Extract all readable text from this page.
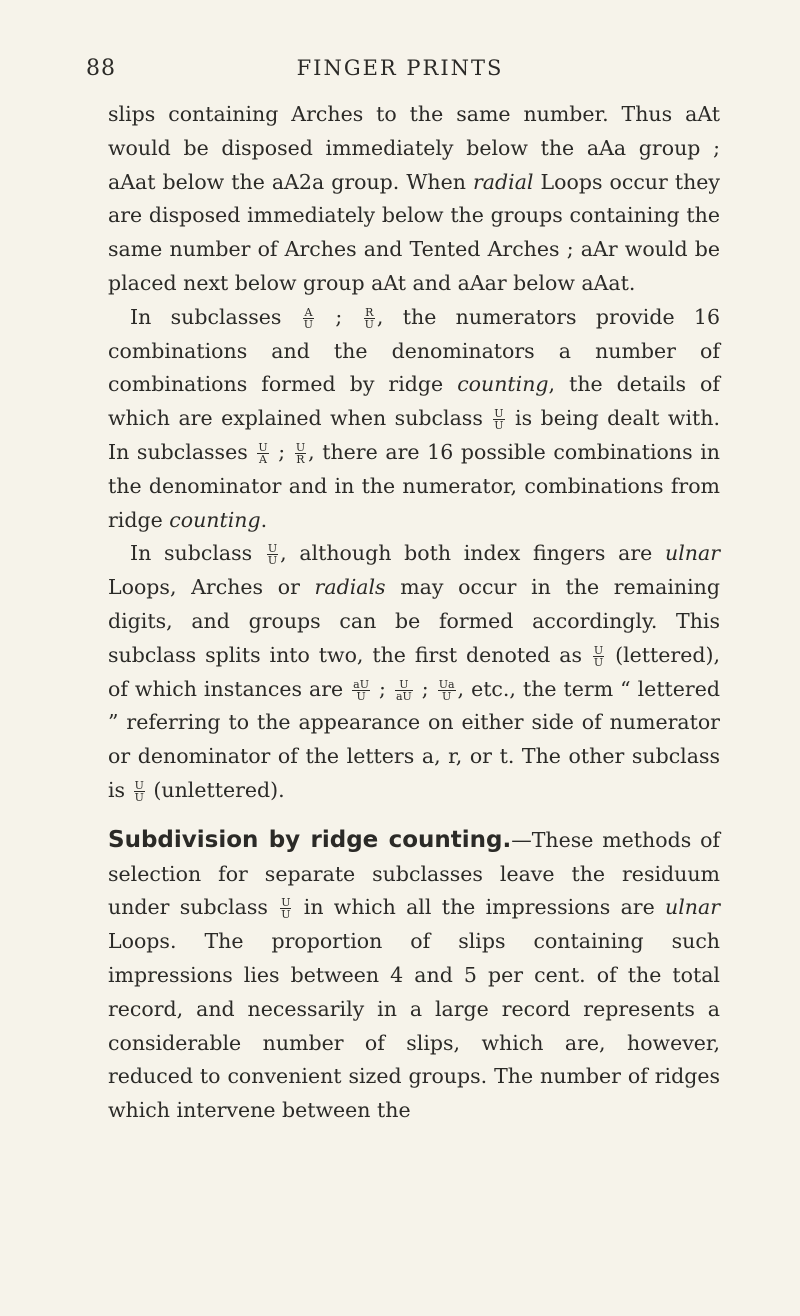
88	FINGER PRINTS

slips containing Arches to the same number. Thus aAt would be disposed immediately below the aAa group ; aAat below the aA2a group. When radial Loops occur they are disposed immediately below the groups containing the same number of Arches and Tented Arches ; aAr would be placed next below group aAt and aAar below aAat.

In subclasses $\frac{A}{U}$ ; $\frac{R}{U}$ , the numerators provide 16 combinations and the denominators a number of combinations formed by ridge counting, the details of which are explained when subclass $\frac{U}{U}$ is being dealt with. In subclasses $\frac{U}{A}$ ; $\frac{U}{R}$ , there are 16 possible combinations in the denominator and in the numerator, combinations from ridge counting.

In subclass $\frac{U}{U}$ , although both index fingers are ulnar Loops, Arches or radials may occur in the remaining digits, and groups can be formed accordingly. This subclass splits into two, the first denoted as $\frac{U}{U}$ (lettered), of which instances are $\frac{aU}{U}$ ; $\frac{U}{aU}$ ; $\frac{Ua}{U}$ , etc., the term “ lettered ” referring to the appearance on either side of numerator or denominator of the letters a, r, or t. The other subclass is $\frac{U}{U}$ (unlettered).

Subdivision by ridge counting.—These methods of selection for separate subclasses leave the residuum under subclass $\frac{U}{U}$ in which all the impressions are ulnar Loops. The proportion of slips containing such impressions lies between 4 and 5 per cent. of the total record, and necessarily in a large record represents a considerable number of slips, which are, however, reduced to convenient sized groups. The number of ridges which intervene between the
